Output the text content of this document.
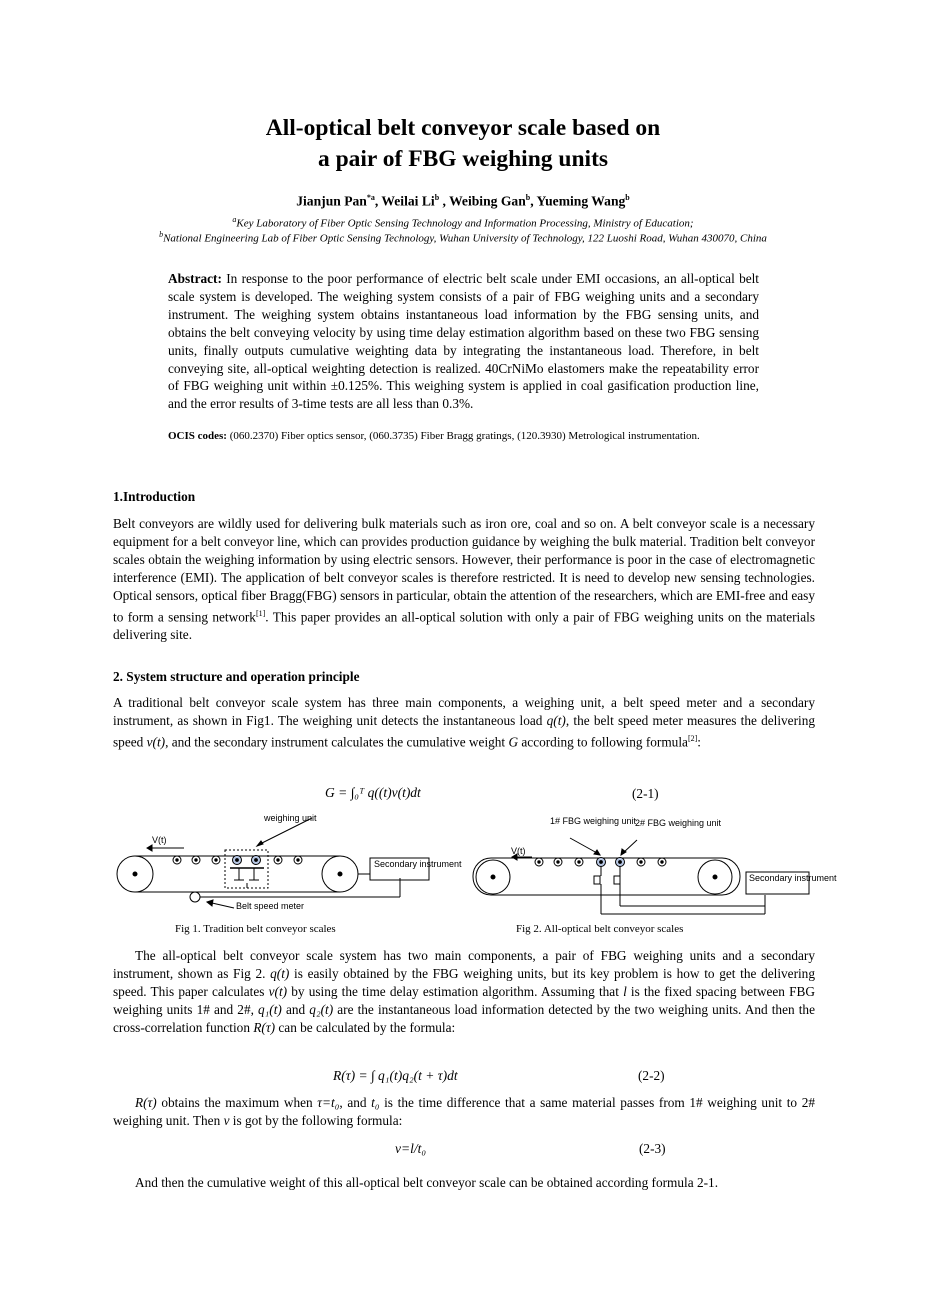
All-optical belt conveyor scale based on
a pair of FBG weighing units
Jianjun Pan$^{*a}$, Weilai Li$^b$ , Weibing Gan$^b$, Yueming Wang$^b$
$^a$Key Laboratory of Fiber Optic Sensing Technology and Information Processing, Ministry of Education;
$^b$National Engineering Lab of Fiber Optic Sensing Technology, Wuhan University of Technology, 122 Luoshi Road, Wuhan 430070, China
Abstract: In response to the poor performance of electric belt scale under EMI occasions, an all-optical belt scale system is developed. The weighing system consists of a pair of FBG weighing units and a secondary instrument. The weighing system obtains instantaneous load information by the FBG sensing units, and obtains the belt conveying velocity by using time delay estimation algorithm based on these two FBG sensing units, finally outputs cumulative weighting data by integrating the instantaneous load. Therefore, in belt conveying site, all-optical weighting detection is realized. 40CrNiMo elastomers make the repeatability error of FBG weighing unit within ±0.125%. This weighing system is applied in coal gasification production line, and the error results of 3-time tests are all less than 0.3%.
OCIS codes: (060.2370) Fiber optics sensor, (060.3735) Fiber Bragg gratings, (120.3930) Metrological instrumentation.
1.Introduction
Belt conveyors are wildly used for delivering bulk materials such as iron ore, coal and so on. A belt conveyor scale is a necessary equipment for a belt conveyor line, which can provides production guidance by weighing the bulk material. Tradition belt conveyor scales obtain the weighing information by using electric sensors. However, their performance is poor in the case of electromagnetic interference (EMI). The application of belt conveyor scales is therefore restricted. It is need to develop new sensing technologies. Optical sensors, optical fiber Bragg(FBG) sensors in particular, obtain the attention of the researchers, which are EMI-free and easy to form a sensing network[1]. This paper provides an all-optical solution with only a pair of FBG weighing units on the materials delivering site.
2. System structure and operation principle
A traditional belt conveyor scale system has three main components, a weighing unit, a belt speed meter and a secondary instrument, as shown in Fig1. The weighing unit detects the instantaneous load q(t), the belt speed meter measures the delivering speed v(t), and the secondary instrument calculates the cumulative weight G according to following formula[2]:
G = ∫₀ᵀ q((t)v(t)dt	(2-1)
V(t)
weighing unit
Secondary instrument
Belt speed meter
Fig 1. Tradition belt conveyor scales
V(t)
1# FBG weighing unit
2# FBG weighing unit
Secondary instrument
Fig 2. All-optical belt conveyor scales
The all-optical belt conveyor scale system has two main components, a pair of FBG weighing units and a secondary instrument, shown as Fig 2. q(t) is easily obtained by the FBG weighing units, but its key problem is how to get the delivering speed. This paper calculates v(t) by using the time delay estimation algorithm. Assuming that l is the fixed spacing between FBG weighing units 1# and 2#, q₁(t) and q₂(t) are the instantaneous load information detected by the two weighing units. And then the cross-correlation function R(τ) can be calculated by the formula:
R(τ) = ∫ q₁(t)q₂(t + τ)dt	(2-2)
R(τ) obtains the maximum when τ=t₀, and t₀ is the time difference that a same material passes from 1# weighing unit to 2# weighing unit. Then v is got by the following formula:
v=l/t₀	(2-3)
And then the cumulative weight of this all-optical belt conveyor scale can be obtained according formula 2-1.
